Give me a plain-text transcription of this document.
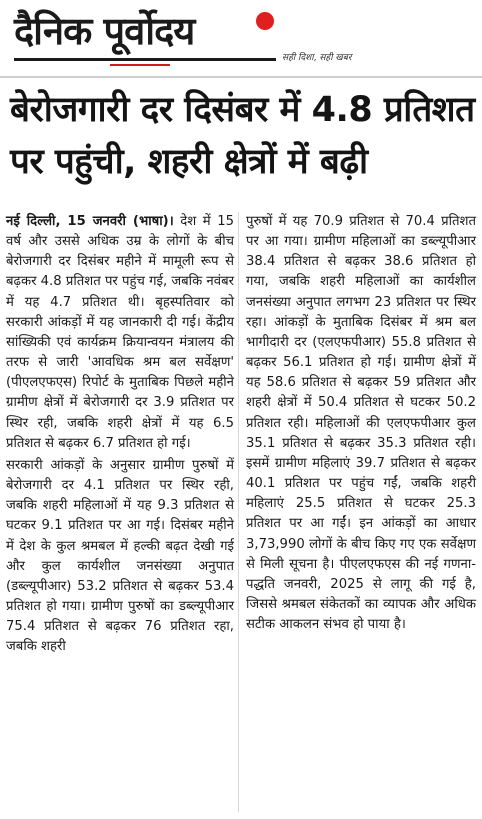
दैनिक पूर्वोदय
सही दिशा, सही खबर
बेरोजगारी दर दिसंबर में 4.8 प्रतिशत पर पहुंची, शहरी क्षेत्रों में बढ़ी

नई दिल्ली, 15 जनवरी (भाषा)। देश में 15 वर्ष और उससे अधिक उम्र के लोगों के बीच बेरोजगारी दर दिसंबर महीने में मामूली रूप से बढ़कर 4.8 प्रतिशत पर पहुंच गई, जबकि नवंबर में यह 4.7 प्रतिशत थी। बृहस्पतिवार को सरकारी आंकड़ों में यह जानकारी दी गई। केंद्रीय सांख्यिकी एवं कार्यक्रम क्रियान्वयन मंत्रालय की तरफ से जारी 'आवधिक श्रम बल सर्वेक्षण' (पीएलएफएस) रिपोर्ट के मुताबिक पिछले महीने ग्रामीण क्षेत्रों में बेरोजगारी दर 3.9 प्रतिशत पर स्थिर रही, जबकि शहरी क्षेत्रों में यह 6.5 प्रतिशत से बढ़कर 6.7 प्रतिशत हो गई।

सरकारी आंकड़ों के अनुसार ग्रामीण पुरुषों में बेरोजगारी दर 4.1 प्रतिशत पर स्थिर रही, जबकि शहरी महिलाओं में यह 9.3 प्रतिशत से घटकर 9.1 प्रतिशत पर आ गई। दिसंबर महीने में देश के कुल श्रमबल में हल्की बढ़त देखी गई और कुल कार्यशील जनसंख्या अनुपात (डब्ल्यूपीआर) 53.2 प्रतिशत से बढ़कर 53.4 प्रतिशत हो गया। ग्रामीण पुरुषों का डब्ल्यूपीआर 75.4 प्रतिशत से बढ़कर 76 प्रतिशत रहा, जबकि शहरी

पुरुषों में यह 70.9 प्रतिशत से 70.4 प्रतिशत पर आ गया। ग्रामीण महिलाओं का डब्ल्यूपीआर 38.4 प्रतिशत से बढ़कर 38.6 प्रतिशत हो गया, जबकि शहरी महिलाओं का कार्यशील जनसंख्या अनुपात लगभग 23 प्रतिशत पर स्थिर रहा। आंकड़ों के मुताबिक दिसंबर में श्रम बल भागीदारी दर (एलएफपीआर) 55.8 प्रतिशत से बढ़कर 56.1 प्रतिशत हो गई। ग्रामीण क्षेत्रों में यह 58.6 प्रतिशत से बढ़कर 59 प्रतिशत और शहरी क्षेत्रों में 50.4 प्रतिशत से घटकर 50.2 प्रतिशत रही। महिलाओं की एलएफपीआर कुल 35.1 प्रतिशत से बढ़कर 35.3 प्रतिशत रही। इसमें ग्रामीण महिलाएं 39.7 प्रतिशत से बढ़कर 40.1 प्रतिशत पर पहुंच गईं, जबकि शहरी महिलाएं 25.5 प्रतिशत से घटकर 25.3 प्रतिशत पर आ गईं। इन आंकड़ों का आधार 3,73,990 लोगों के बीच किए गए एक सर्वेक्षण से मिली सूचना है। पीएलएफएस की नई गणना-पद्धति जनवरी, 2025 से लागू की गई है, जिससे श्रमबल संकेतकों का व्यापक और अधिक सटीक आकलन संभव हो पाया है।
